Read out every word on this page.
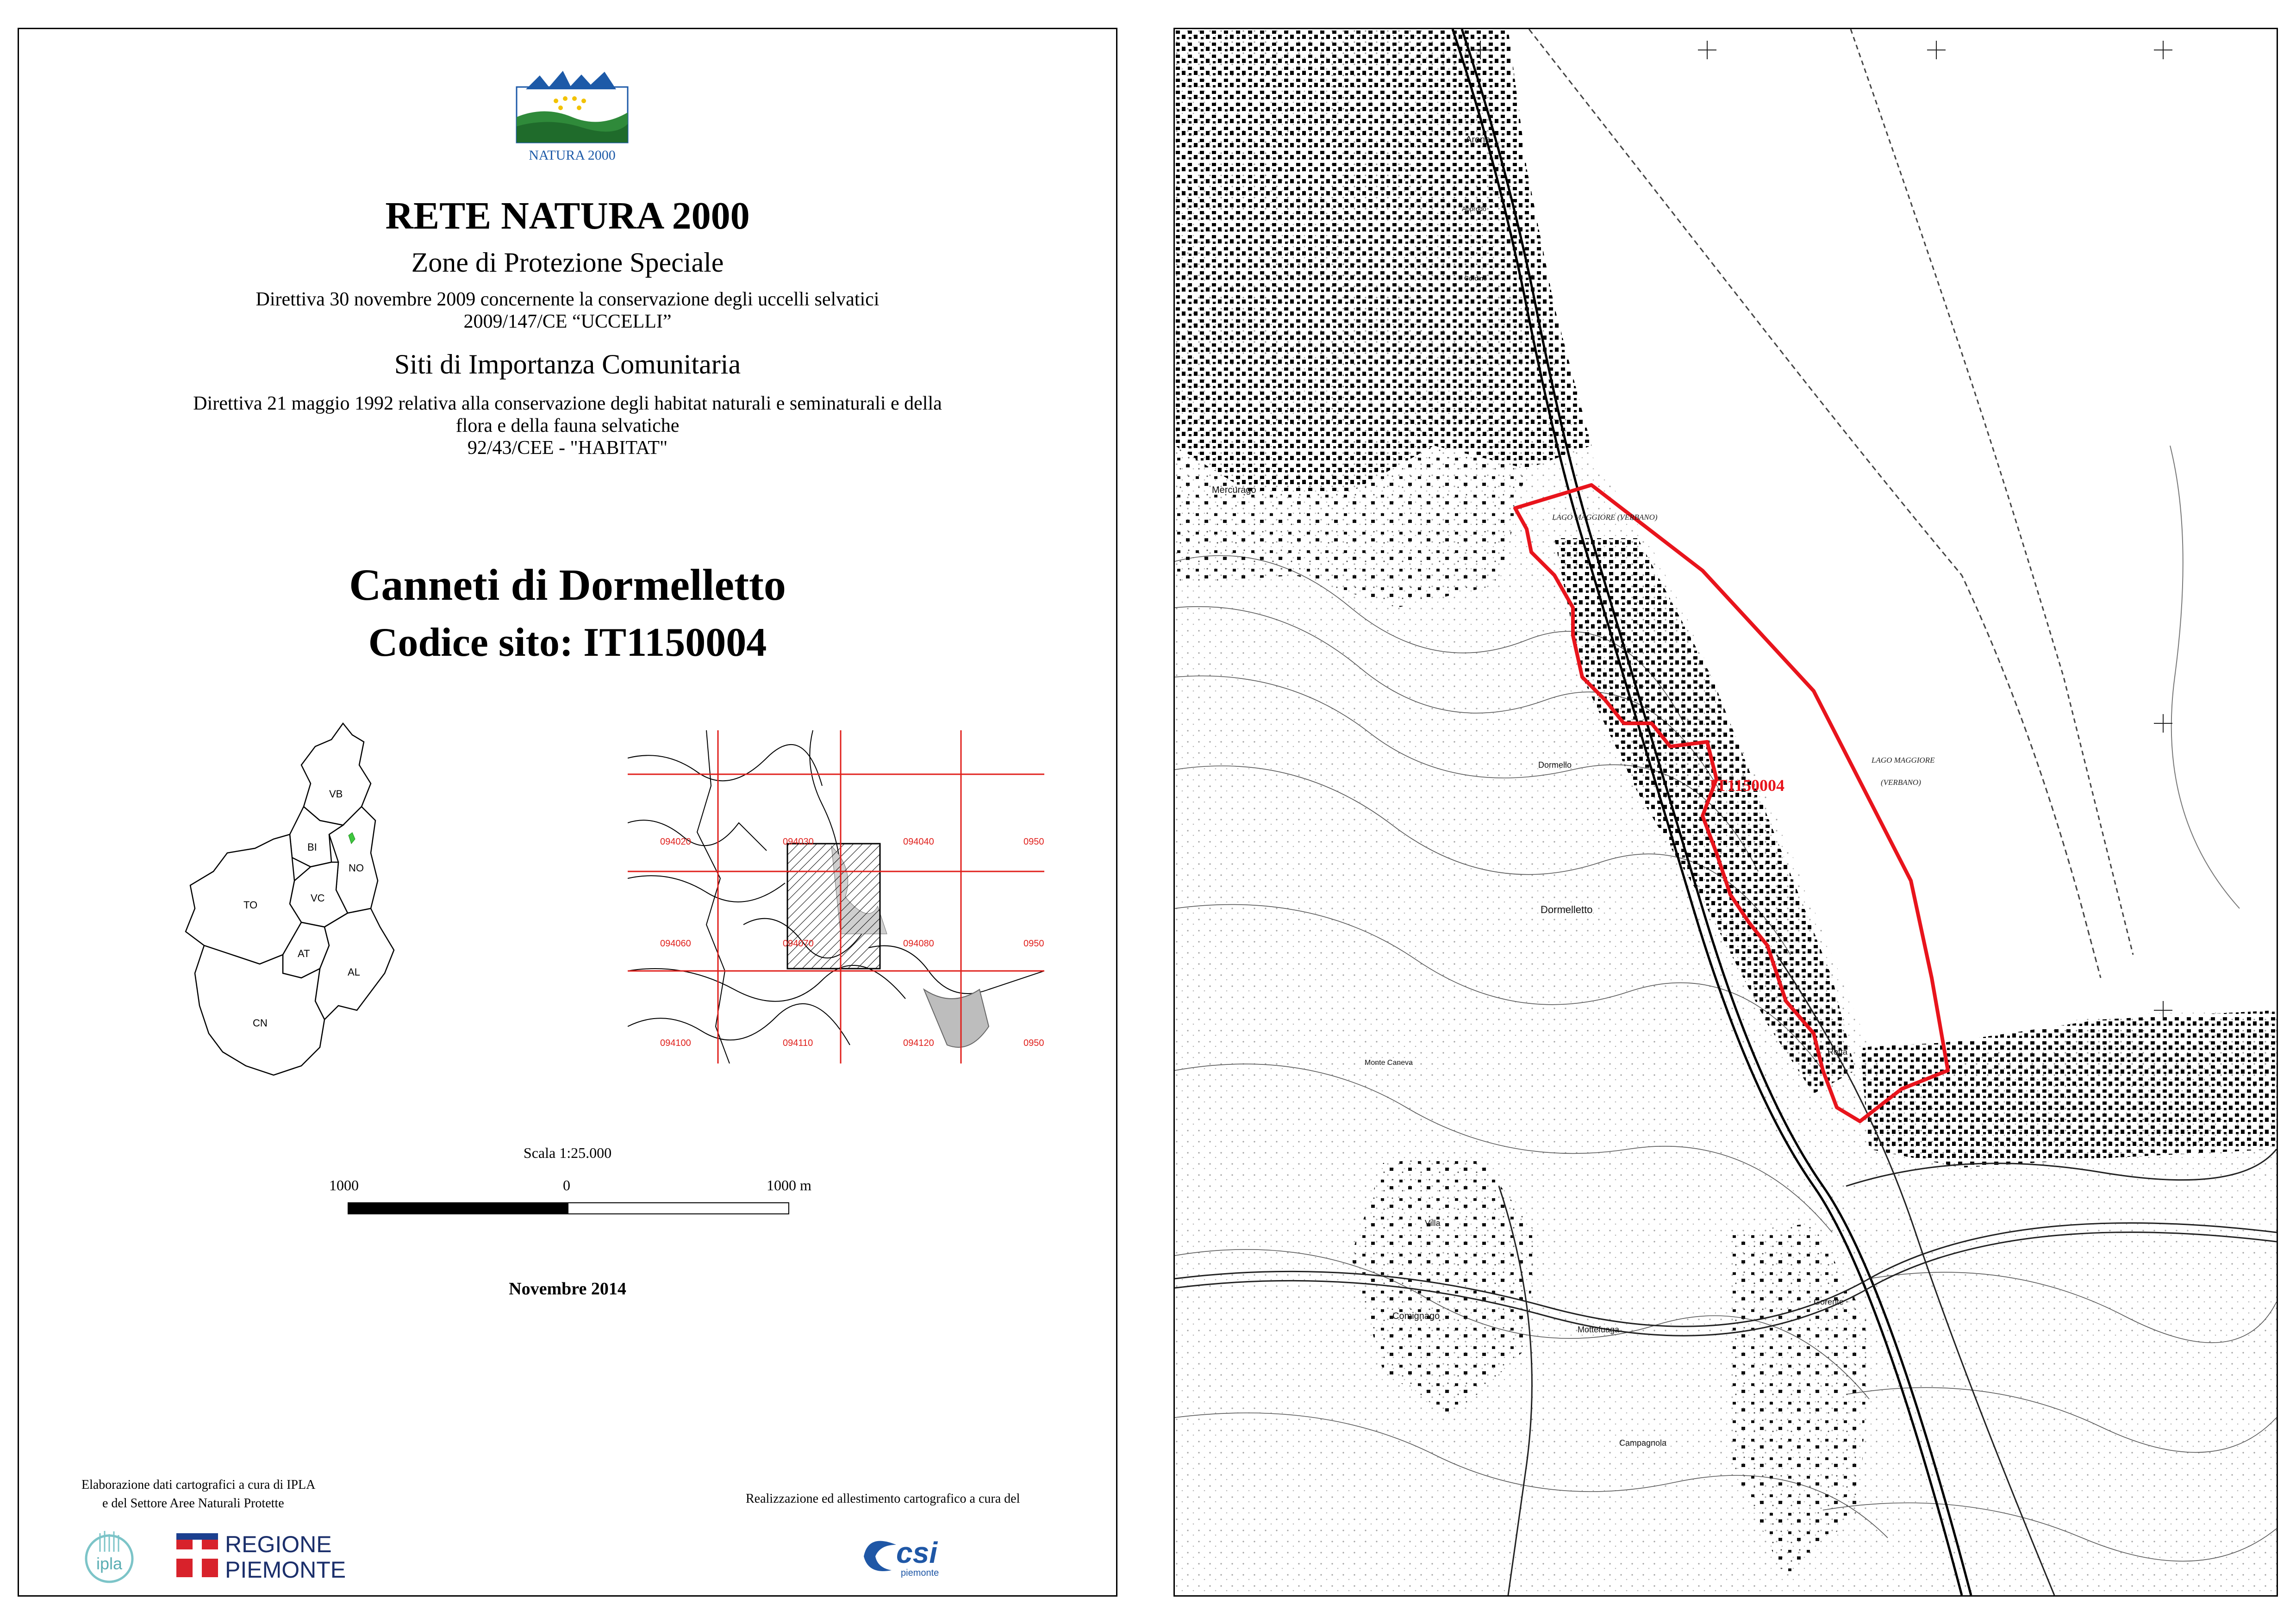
NATURA 2000
RETE NATURA 2000
Zone di Protezione Speciale
Direttiva 30 novembre 2009 concernente la conservazione degli uccelli selvatici
2009/147/CE “UCCELLI”
Siti di Importanza Comunitaria
Direttiva 21 maggio 1992 relativa alla conservazione degli habitat naturali e seminaturali e della
flora e della fauna selvatiche
92/43/CEE - "HABITAT"
Canneti di Dormelletto
Codice sito: IT1150004
VB
BI
NO
VC
TO
AT
AL
CN
094020	094030	094040	0950
094060	094070	094080	0950
094100	094110	094120	0950
Scala 1:25.000
1000	0	1000 m
Novembre 2014
Elaborazione dati cartografici a cura di IPLA
e del Settore Aree Naturali Protette	Realizzazione ed allestimento cartografico a cura del
ipla
REGIONE
PIEMONTE
csi
piemonte
Arona
Mercurago
Dormelletto
Dormello
Comignago
Rotta
Gorente
Mottefuaga
Campagnola
Villa
Monte Caneva
Approdo
Cordino
LAGO MAGGIORE (VERBANO)
LAGO MAGGIORE
(VERBANO)
IT1150004
